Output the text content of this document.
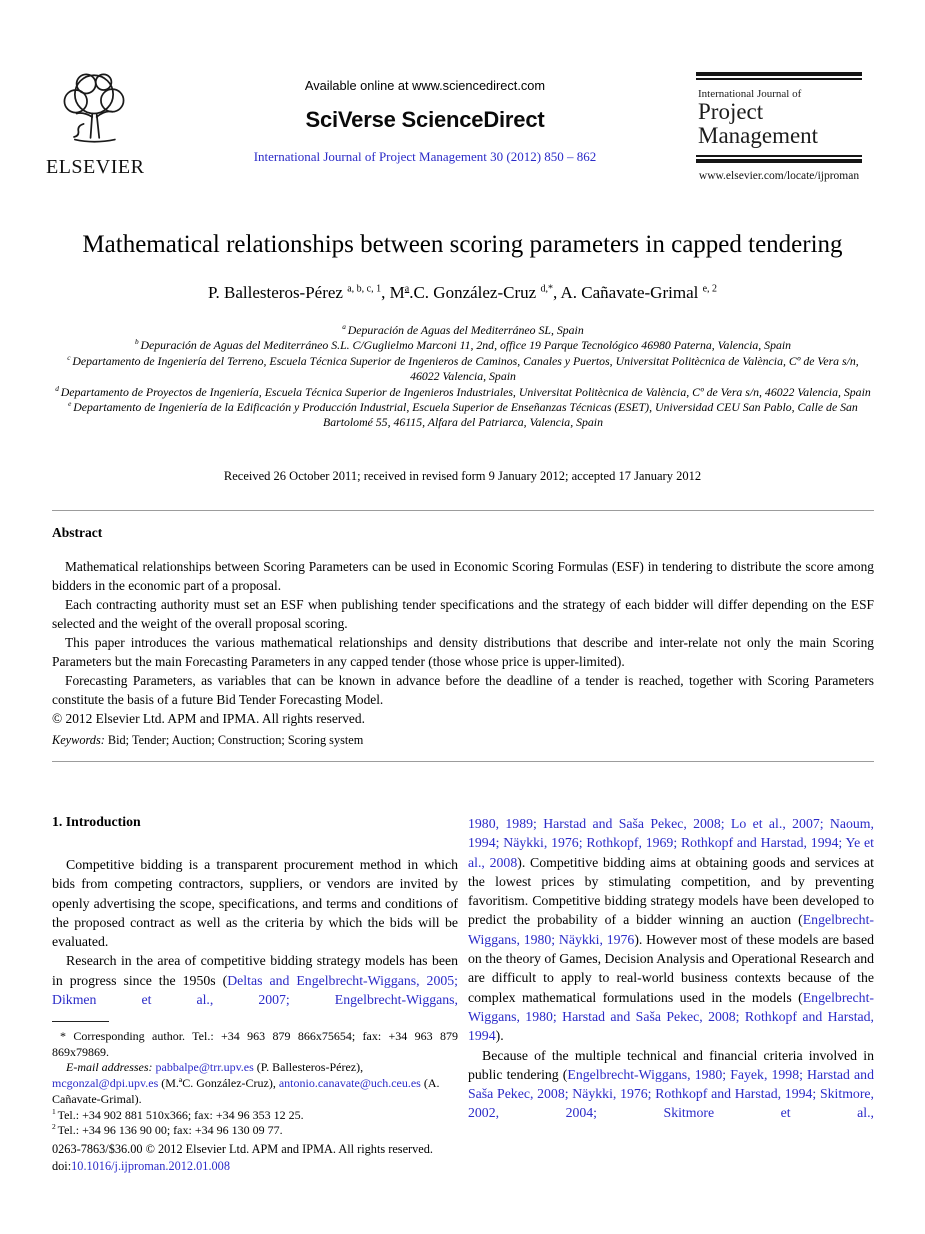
ELSEVIER
Available online at www.sciencedirect.com
SciVerse ScienceDirect
International Journal of Project Management 30 (2012) 850 – 862
International Journal of
Project
Management
www.elsevier.com/locate/ijproman
Mathematical relationships between scoring parameters in capped tendering
P. Ballesteros-Pérez $^{a, b, c, 1}$, $M^a.C$. González-Cruz $^{d,*}$, A. Cañavate-Grimal $^{e, 2}$
$^a$ Depuración de Aguas del Mediterráneo SL, Spain
$^b$ Depuración de Aguas del Mediterráneo S.L. C/Guglielmo Marconi 11, 2nd, office 19 Parque Tecnológico 46980 Paterna, Valencia, Spain
$^c$ Departamento de Ingeniería del Terreno, Escuela Técnica Superior de Ingenieros de Caminos, Canales y Puertos, Universitat Politècnica de València, Cº de Vera s/n, 46022 Valencia, Spain
$^d$ Departamento de Proyectos de Ingeniería, Escuela Técnica Superior de Ingenieros Industriales, Universitat Politècnica de València, Cº de Vera s/n, 46022 Valencia, Spain
$^e$ Departamento de Ingeniería de la Edificación y Producción Industrial, Escuela Superior de Enseñanzas Técnicas (ESET), Universidad CEU San Pablo, Calle de San Bartolomé 55, 46115, Alfara del Patriarca, Valencia, Spain
Received 26 October 2011; received in revised form 9 January 2012; accepted 17 January 2012
Abstract

Mathematical relationships between Scoring Parameters can be used in Economic Scoring Formulas (ESF) in tendering to distribute the score among bidders in the economic part of a proposal.

Each contracting authority must set an ESF when publishing tender specifications and the strategy of each bidder will differ depending on the ESF selected and the weight of the overall proposal scoring.

This paper introduces the various mathematical relationships and density distributions that describe and inter-relate not only the main Scoring Parameters but the main Forecasting Parameters in any capped tender (those whose price is upper-limited).

Forecasting Parameters, as variables that can be known in advance before the deadline of a tender is reached, together with Scoring Parameters constitute the basis of a future Bid Tender Forecasting Model.

© 2012 Elsevier Ltd. APM and IPMA. All rights reserved.

Keywords: Bid; Tender; Auction; Construction; Scoring system
1. Introduction

Competitive bidding is a transparent procurement method in which bids from competing contractors, suppliers, or vendors are invited by openly advertising the scope, specifications, and terms and conditions of the proposed contract as well as the criteria by which the bids will be evaluated.

Research in the area of competitive bidding strategy models has been in progress since the 1950s (Deltas and Engelbrecht-Wiggans, 2005; Dikmen et al., 2007; Engelbrecht-Wiggans,

1980, 1989; Harstad and Saša Pekec, 2008; Lo et al., 2007; Naoum, 1994; Näykki, 1976; Rothkopf, 1969; Rothkopf and Harstad, 1994; Ye et al., 2008). Competitive bidding aims at obtaining goods and services at the lowest prices by stimulating competition, and by preventing favoritism. Competitive bidding strategy models have been developed to predict the probability of a bidder winning an auction (Engelbrecht-Wiggans, 1980; Näykki, 1976). However most of these models are based on the theory of Games, Decision Analysis and Operational Research and are difficult to apply to real-world business contexts because of the complex mathematical formulations used in the models (Engelbrecht-Wiggans, 1980; Harstad and Saša Pekec, 2008; Rothkopf and Harstad, 1994).

Because of the multiple technical and financial criteria involved in public tendering (Engelbrecht-Wiggans, 1980; Fayek, 1998; Harstad and Saša Pekec, 2008; Näykki, 1976; Rothkopf and Harstad, 1994; Skitmore, 2002, 2004; Skitmore et al.,

* Corresponding author. Tel.: +34 963 879 866x75654; fax: +34 963 879 869x79869.

E-mail addresses: pabbalpe@trr.upv.es (P. Ballesteros-Pérez), mcgonzal@dpi.upv.es (M.ªC. González-Cruz), antonio.canavate@uch.ceu.es (A. Cañavate-Grimal).

$^1$ Tel.: +34 902 881 510x366; fax: +34 96 353 12 25.

$^2$ Tel.: +34 96 136 90 00; fax: +34 96 130 09 77.

0263-7863/$36.00 © 2012 Elsevier Ltd. APM and IPMA. All rights reserved.

doi:10.1016/j.ijproman.2012.01.008
